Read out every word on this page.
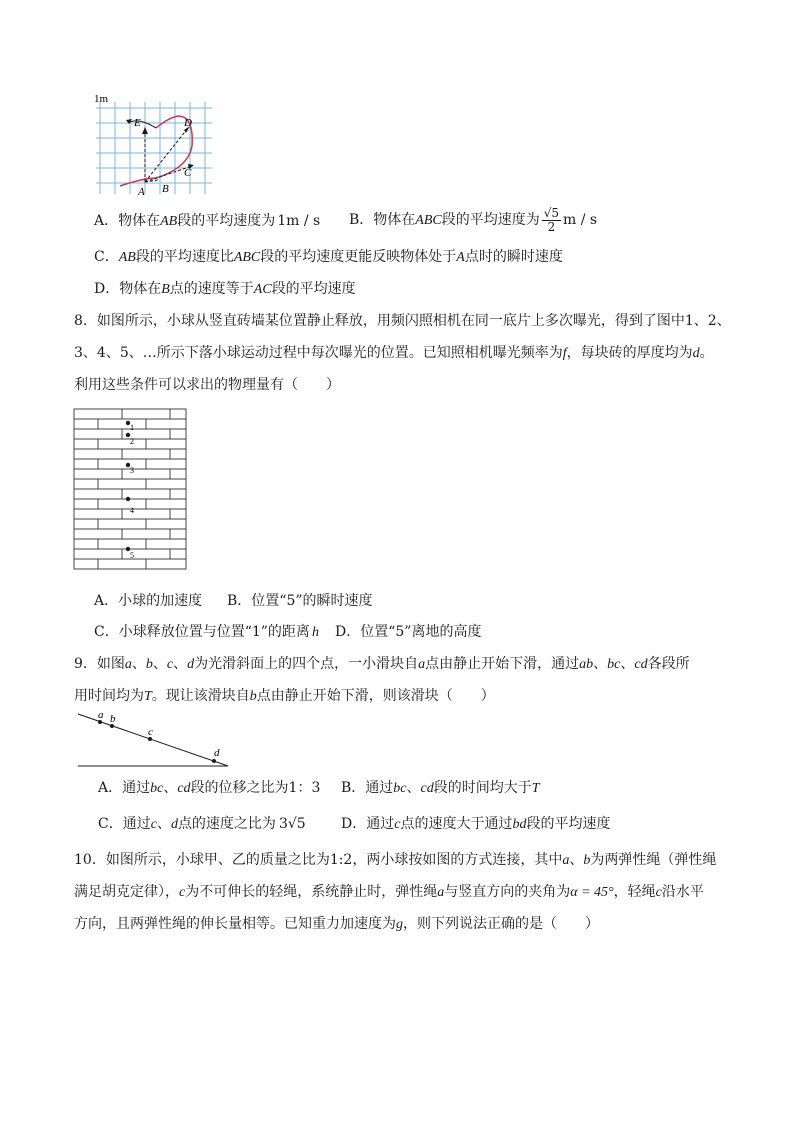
1m
E	D
C
A B
A．物体在AB段的平均速度为 1m / s B．物体在ABC段的平均速度为 $\frac{√5}{2}$ m / s
C．AB段的平均速度比ABC段的平均速度更能反映物体处于A点时的瞬时速度
D．物体在B点的速度等于AC段的平均速度
8．如图所示，小球从竖直砖墙某位置静止释放，用频闪照相机在同一底片上多次曝光，得到了图中1、2、
3、4、5、…所示下落小球运动过程中每次曝光的位置。已知照相机曝光频率为f，每块砖的厚度均为d。
利用这些条件可以求出的物理量有（　　）
1
2
3
4
5
A．小球的加速度 B．位置“5”的瞬时速度
C．小球释放位置与位置“1”的距离 h D．位置“5”离地的高度
9．如图a、b、c、d为光滑斜面上的四个点，一小滑块自a点由静止开始下滑，通过ab、bc、cd各段所
用时间均为T。现让该滑块自b点由静止开始下滑，则该滑块（　　）
a b
c
d
A．通过bc、cd段的位移之比为1：3 B．通过bc、cd段的时间均大于T
C．通过c、d点的速度之比为 3√5	D．通过c点的速度大于通过bd段的平均速度
10．如图所示，小球甲、乙的质量之比为1:2，两小球按如图的方式连接，其中a、b为两弹性绳（弹性绳
满足胡克定律），c为不可伸长的轻绳，系统静止时，弹性绳a与竖直方向的夹角为α = 45°，轻绳c沿水平
方向，且两弹性绳的伸长量相等。已知重力加速度为g，则下列说法正确的是（　　）
